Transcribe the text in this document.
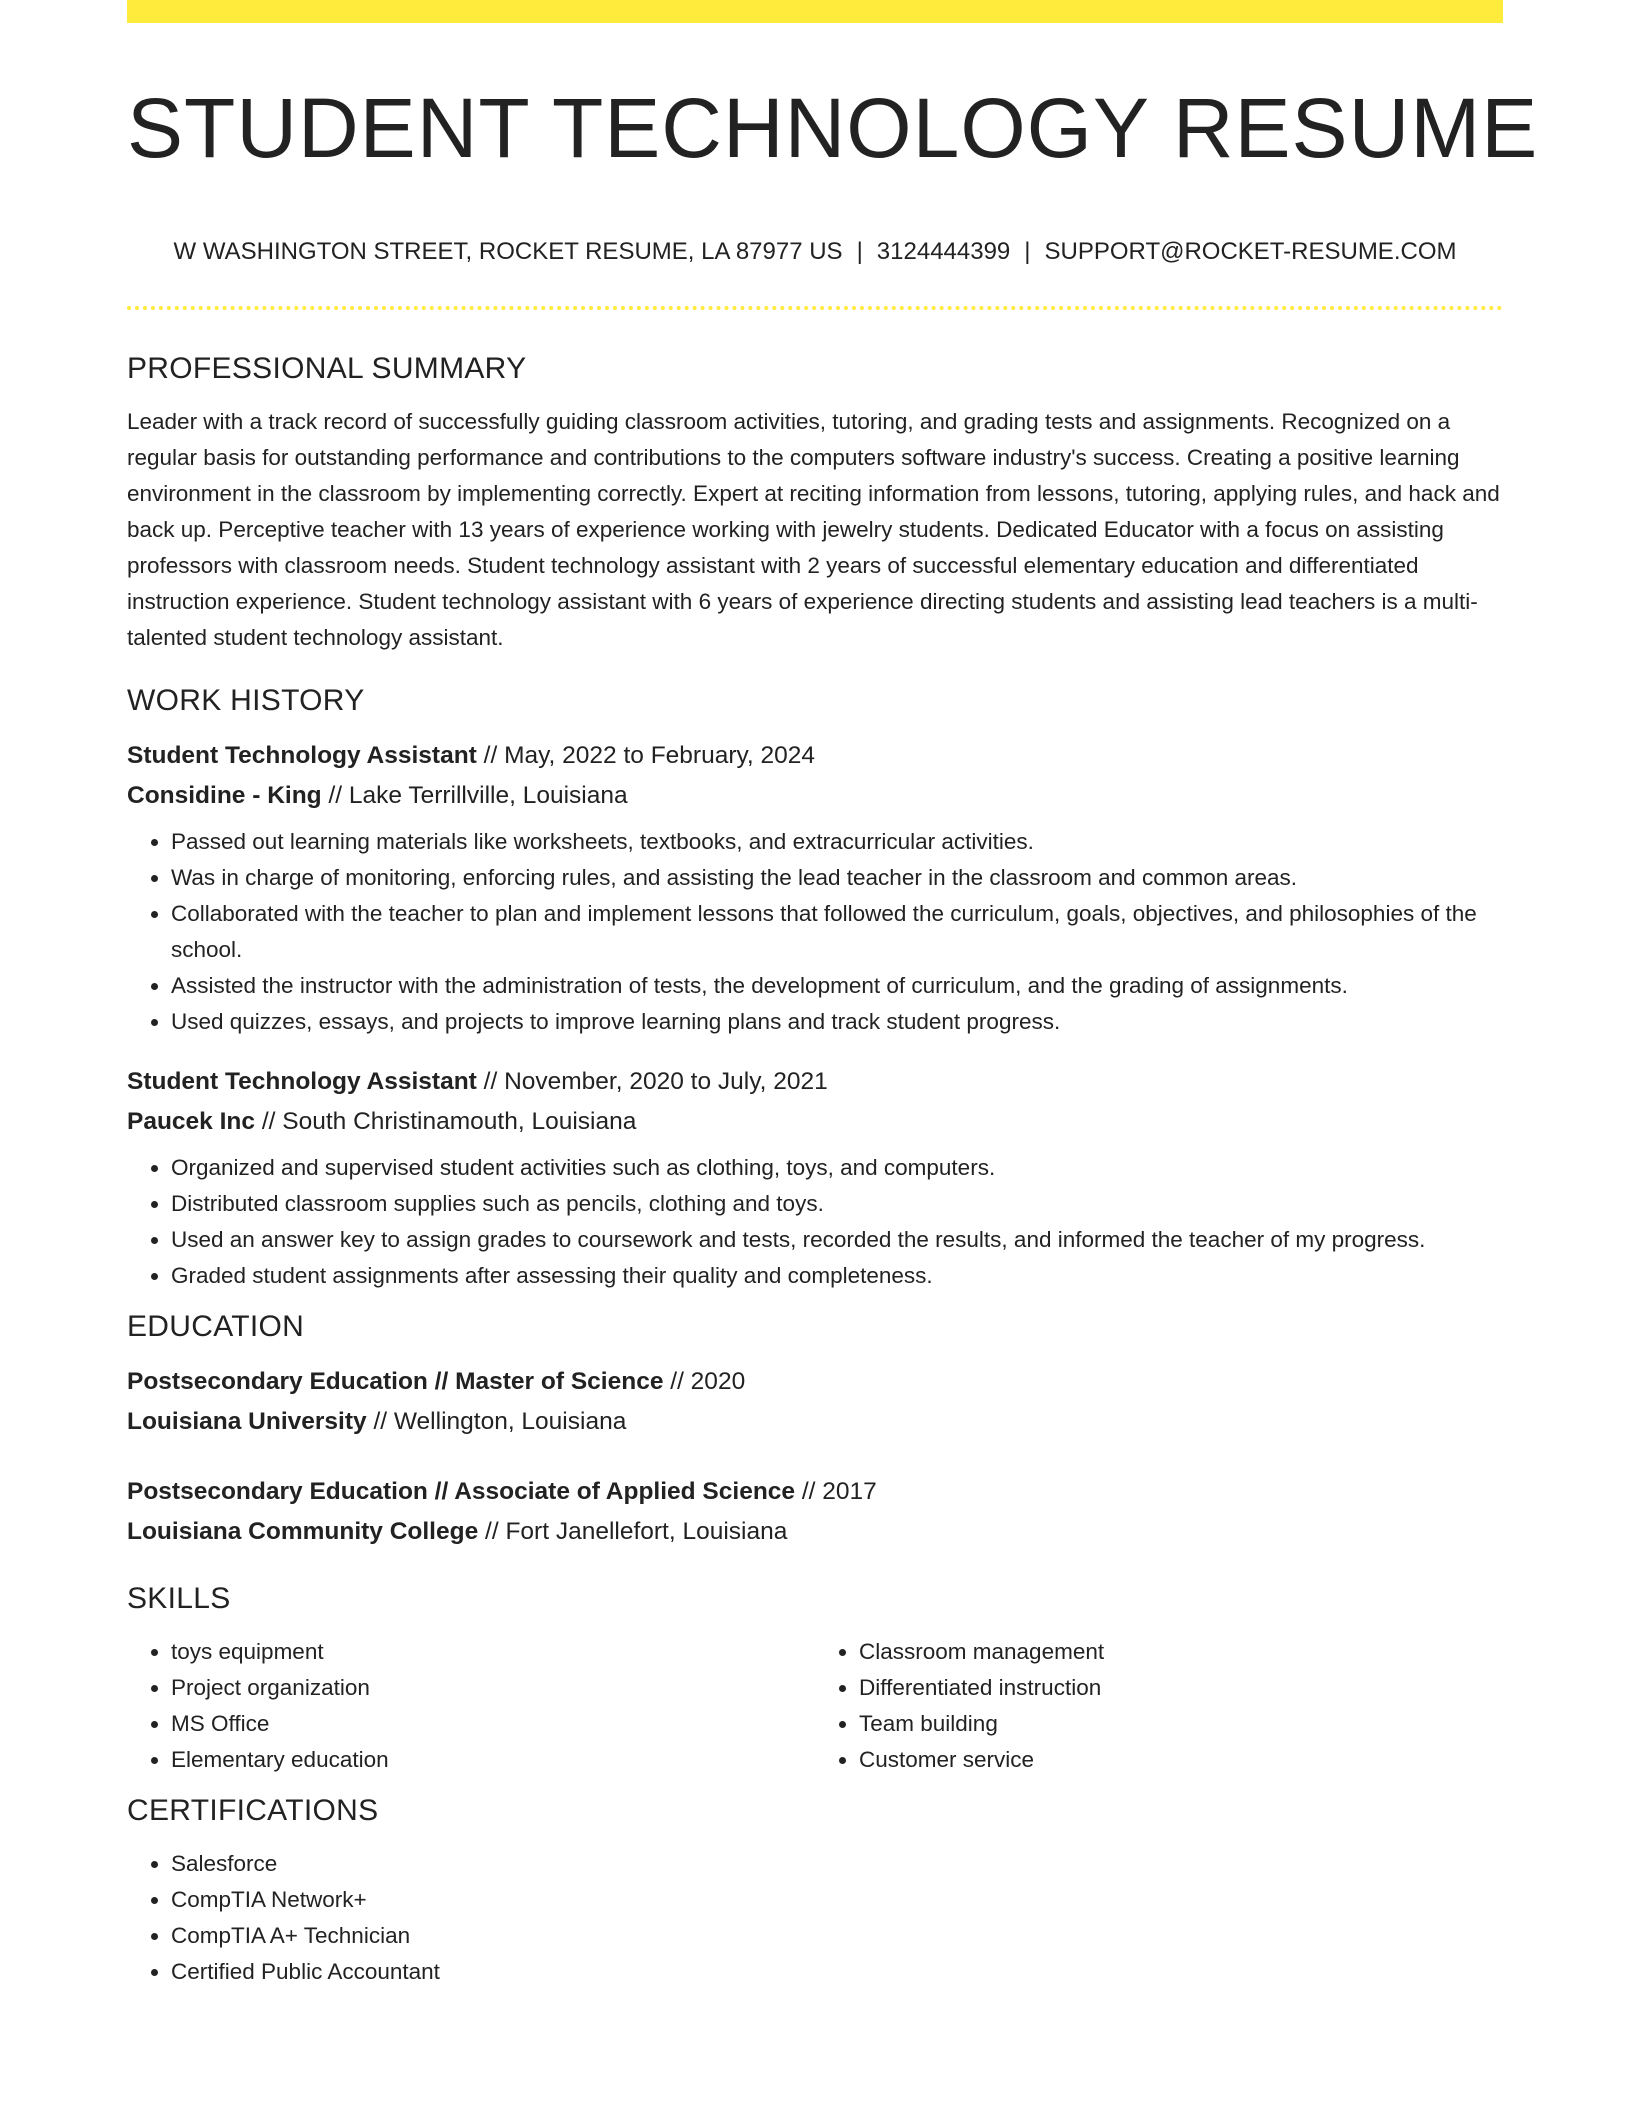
STUDENT TECHNOLOGY RESUME
W WASHINGTON STREET, ROCKET RESUME, LA 87977 US | 3124444399 | SUPPORT@ROCKET-RESUME.COM
PROFESSIONAL SUMMARY

Leader with a track record of successfully guiding classroom activities, tutoring, and grading tests and assignments. Recognized on a regular basis for outstanding performance and contributions to the computers software industry's success. Creating a positive learning environment in the classroom by implementing correctly. Expert at reciting information from lessons, tutoring, applying rules, and hack and back up. Perceptive teacher with 13 years of experience working with jewelry students. Dedicated Educator with a focus on assisting professors with classroom needs. Student technology assistant with 2 years of successful elementary education and differentiated instruction experience. Student technology assistant with 6 years of experience directing students and assisting lead teachers is a multi-talented student technology assistant.

WORK HISTORY
Student Technology Assistant // May, 2022 to February, 2024
Considine - King // Lake Terrillville, Louisiana
• Passed out learning materials like worksheets, textbooks, and extracurricular activities.
• Was in charge of monitoring, enforcing rules, and assisting the lead teacher in the classroom and common areas.
• Collaborated with the teacher to plan and implement lessons that followed the curriculum, goals, objectives, and philosophies of the school.
• Assisted the instructor with the administration of tests, the development of curriculum, and the grading of assignments.
• Used quizzes, essays, and projects to improve learning plans and track student progress.
Student Technology Assistant // November, 2020 to July, 2021
Paucek Inc // South Christinamouth, Louisiana
• Organized and supervised student activities such as clothing, toys, and computers.
• Distributed classroom supplies such as pencils, clothing and toys.
• Used an answer key to assign grades to coursework and tests, recorded the results, and informed the teacher of my progress.
• Graded student assignments after assessing their quality and completeness.
EDUCATION
Postsecondary Education // Master of Science // 2020
Louisiana University // Wellington, Louisiana
Postsecondary Education // Associate of Applied Science // 2017
Louisiana Community College // Fort Janellefort, Louisiana
SKILLS
• toys equipment
• Project organization
• MS Office
• Elementary education
• Classroom management
• Differentiated instruction
• Team building
• Customer service
CERTIFICATIONS
• Salesforce
• CompTIA Network+
• CompTIA A+ Technician
• Certified Public Accountant
